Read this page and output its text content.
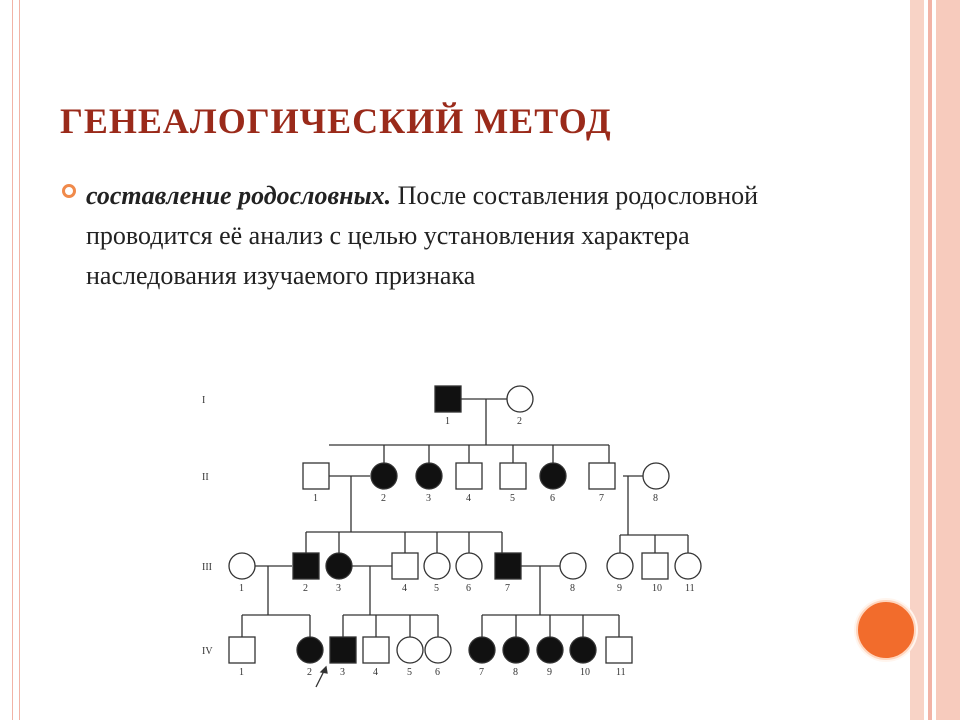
ГЕНЕАЛОГИЧЕСКИЙ МЕТОД

составление родословных. После составления родословной проводится её анализ с целью установления характера наследования изучаемого признака

I
II
III
IV
1	2
1	2	3	4	5	6	7	8
1	2	3	4	5	6	7	8	9	10 11
1	2	3	4	5 6	7	8	9	10	11
